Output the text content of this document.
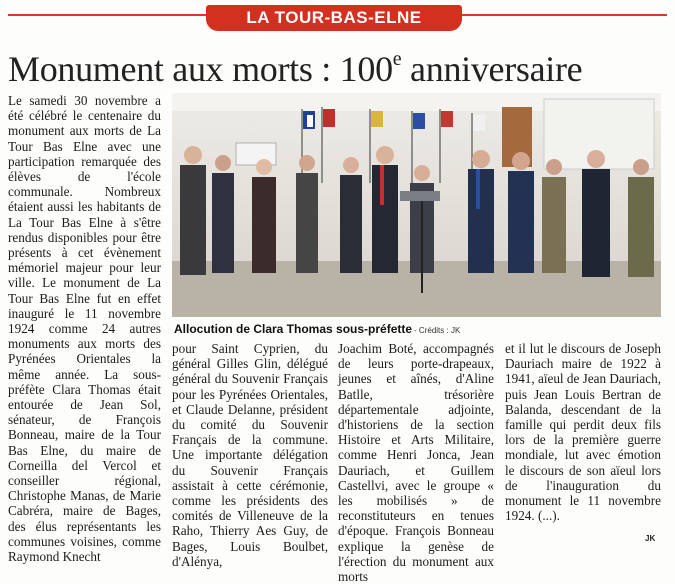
LA TOUR-BAS-ELNE
Monument aux morts : 100e anniversaire
Le samedi 30 novembre a été célébré le centenaire du monument aux morts de La Tour Bas Elne avec une participation remarquée des élèves de l'école communale. Nombreux étaient aussi les habitants de La Tour Bas Elne à s'être rendus disponibles pour être présents à cet évènement mémoriel majeur pour leur ville. Le monument de La Tour Bas Elne fut en effet inauguré le 11 novembre 1924 comme 24 autres monuments aux morts des Pyrénées Orientales la même année. La sous-préfète Clara Thomas était entourée de Jean Sol, sénateur, de François Bonneau, maire de la Tour Bas Elne, du maire de Corneilla del Vercol et conseiller régional, Christophe Manas, de Marie Cabréra, maire de Bages, des élus représentants les communes voisines, comme Raymond Knecht
Allocution de Clara Thomas sous-préfette - Crédits : JK
pour Saint Cyprien, du général Gilles Glin, délégué général du Souvenir Français pour les Pyrénées Orientales, et Claude Delanne, président du comité du Souvenir Français de la commune. Une importante délégation du Souvenir Français assistait à cette cérémonie, comme les présidents des comités de Villeneuve de la Raho, Thierry Aes Guy, de Bages, Louis Boulbet, d'Alénya,
Joachim Boté, accompagnés de leurs porte-drapeaux, jeunes et aînés, d'Aline Batlle, trésorière départementale adjointe, d'historiens de la section Histoire et Arts Militaire, comme Henri Jonca, Jean Dauriach, et Guillem Castellvi, avec le groupe « les mobilisés » de reconstituteurs en tenues d'époque. François Bonneau explique la genèse de l'érection du monument aux morts
et il lut le discours de Joseph Dauriach maire de 1922 à 1941, aïeul de Jean Dauriach, puis Jean Louis Bertran de Balanda, descendant de la famille qui perdit deux fils lors de la première guerre mondiale, lut avec émotion le discours de son aïeul lors de l'inauguration du monument le 11 novembre 1924. (...).
JK
